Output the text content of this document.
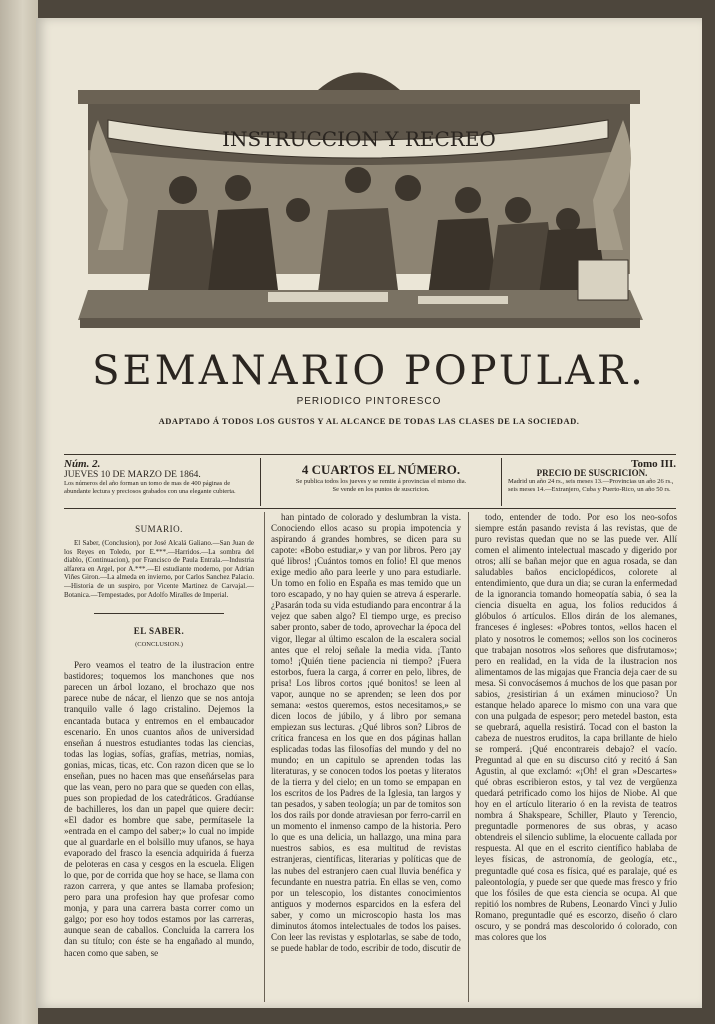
INSTRUCCION Y RECREO
SEMANARIO POPULAR.
PERIODICO PINTORESCO
ADAPTADO Á TODOS LOS GUSTOS Y AL ALCANCE DE TODAS LAS CLASES DE LA SOCIEDAD.
Núm. 2.
JUEVES 10 DE MARZO DE 1864.
Los números del año forman un tomo de mas de 400 páginas de abundante lectura y preciosos grabados con una elegante cubierta.
4 CUARTOS EL NÚMERO.
Se publica todos los jueves y se remite á provincias el mismo dia.
Se vende en los puntos de suscricion.
Tomo III.
PRECIO DE SUSCRICION.
Madrid un año 24 rs., seis meses 13.—Provincias un año 26 rs., seis meses 14.—Extranjero, Cuba y Puerto-Rico, un año 50 rs.
SUMARIO.

El Saber, (Conclusion), por José Alcalá Galiano.—San Juan de los Reyes en Toledo, por E.***.—Harridos.—La sombra del diablo, (Continuacion), por Francisco de Paula Entrala.—Industria alfarera en Argel, por A.***.—El estudiante moderno, por Adrian Viñes Giron.—La almeda en invierno, por Carlos Sanchez Palacio.—Historia de un suspiro, por Vicente Martinez de Carvajal.—Botanica.—Tempestades, por Adolfo Miralles de Imperial.

EL SABER.
(CONCLUSION.)

Pero veamos el teatro de la ilustracion entre bastidores; toquemos los manchones que nos parecen un árbol lozano, el brochazo que nos parece nube de nácar, el lienzo que se nos antoja tranquilo valle ó lago cristalino. Dejemos la encantada butaca y entremos en el embaucador escenario. En unos cuantos años de universidad enseñan á nuestros estudiantes todas las ciencias, todas las logias, sofías, grafías, metrias, nomias, gonias, micas, ticas, etc. Con razon dicen que se lo enseñan, pues no hacen mas que enseñárselas para que las vean, pero no para que se queden con ellas, pues son propiedad de los catedráticos. Gradúanse de bachilleres, los dan un papel que quiere decir: «El dador es hombre que sabe, permítasele la »entrada en el campo del saber;» lo cual no impide que al guardarle en el bolsillo muy ufanos, se haya evaporado del frasco la esencia adquirida á fuerza de peloteras en casa y cesgos en la escuela. Eligen lo que, por de corrida que hoy se hace, se llama con razon carrera, y que antes se llamaba profesion; pero para una profesion hay que profesar como monja, y para una carrera basta correr como un galgo; por eso hoy todos estamos por las carreras, aunque sean de caballos. Concluida la carrera los dan su título; con éste se ha engañado al mundo, hacen como que saben, se

han pintado de colorado y deslumbran la vista. Conociendo ellos acaso su propia impotencia y aspirando á grandes hombres, se dicen para su capote: «Bobo estudiar,» y van por libros. Pero ¡ay qué libros! ¡Cuántos tomos en folio! El que menos exige medio año para leerle y uno para estudiarle. Un tomo en folio en España es mas temido que un toro escapado, y no hay quien se atreva á esperarle. ¿Pasarán toda su vida estudiando para encontrar á la vejez que saben algo? El tiempo urge, es preciso saber pronto, saber de todo, aprovechar la época del vigor, llegar al último escalon de la escalera social antes que el reloj señale la media vida. ¡Tanto tomo! ¡Quién tiene paciencia ni tiempo? ¡Fuera estorbos, fuera la carga, á correr en pelo, libres, de prisa! Los libros cortos ¡qué bonitos! se leen al vapor, aunque no se aprenden; se leen dos por semana: «estos queremos, estos necesitamos,» se dicen locos de júbilo, y á libro por semana empiezan sus lecturas. ¿Qué libros son? Libros de crítica francesa en los que en dos páginas hallan esplicadas todas las filosofías del mundo y del no mundo; en un capitulo se aprenden todas las literaturas, y se conocen todos los poetas y literatos de la tierra y del cielo; en un tomo se empapan en los escritos de los Padres de la Iglesia, tan largos y tan pesados, y saben teología; un par de tomitos son los dos rails por donde atraviesan por ferro-carril en un momento el inmenso campo de la historia. Pero lo que es una delicia, un hallazgo, una mina para nuestros sabios, es esa multitud de revistas estranjeras, científicas, literarias y políticas que de las nubes del estranjero caen cual lluvia benéfica y fecundante en nuestra patria. En ellas se ven, como por un telescopio, los distantes conocimientos antiguos y modernos esparcidos en la esfera del saber, y como un microscopio hasta los mas diminutos átomos intelectuales de todos los paises. Con leer las revistas y esplotarlas, se sabe de todo, se puede hablar de todo, escribir de todo, discutir de

todo, entender de todo. Por eso los neo-sofos siempre están pasando revista á las revistas, que de puro revistas quedan que no se las puede ver. Allí comen el alimento intelectual mascado y digerido por otros; allí se bañan mejor que en agua rosada, se dan saludables baños enciclopédicos, colorete al entendimiento, que dura un dia; se curan la enfermedad de la ignorancia tomando homeopatía sabia, ó sea la ciencia disuelta en agua, los folios reducidos á glóbulos ó artículos. Ellos dirán de los alemanes, franceses é ingleses: «Pobres tontos, »ellos hacen el plato y nosotros le comemos; »ellos son los cocineros que trabajan nosotros »los señores que disfrutamos»; pero en realidad, en la vida de la ilustracion nos alimentamos de las migajas que Francia deja caer de su mesa. Si convocásemos á muchos de los que pasan por sabios, ¿resistirian á un exámen minucioso? Un estanque helado aparece lo mismo con una vara que con una pulgada de espesor; pero metedel baston, esta se quebrará, aquella resistirá. Tocad con el baston la cabeza de nuestros eruditos, la capa brillante de hielo se romperá. ¡Qué encontrareis debajo? el vacío. Preguntad al que en su discurso citó y recitó á San Agustin, al que exclamó: «¡Oh! el gran »Descartes» qué obras escribieron estos, y tal vez de vergüenza quedará petrificado como los hijos de Niobe. Al que hoy en el artículo literario ó en la revista de teatros nombra á Shakspeare, Schiller, Plauto y Terencio, preguntadle pormenores de sus obras, y acaso obtendreis el silencio sublime, la elocuente callada por respuesta. Al que en el escrito científico hablaba de leyes físicas, de astronomía, de geología, etc., preguntadle qué cosa es física, qué es paralaje, qué es paleontología, y puede ser que quede mas fresco y frio que los fósiles de que esta ciencia se ocupa. Al que repitió los nombres de Rubens, Leonardo Vinci y Julio Romano, preguntadle qué es escorzo, diseño ó claro oscuro, y se pondrá mas descolorido ó colorado, con mas colores que los
